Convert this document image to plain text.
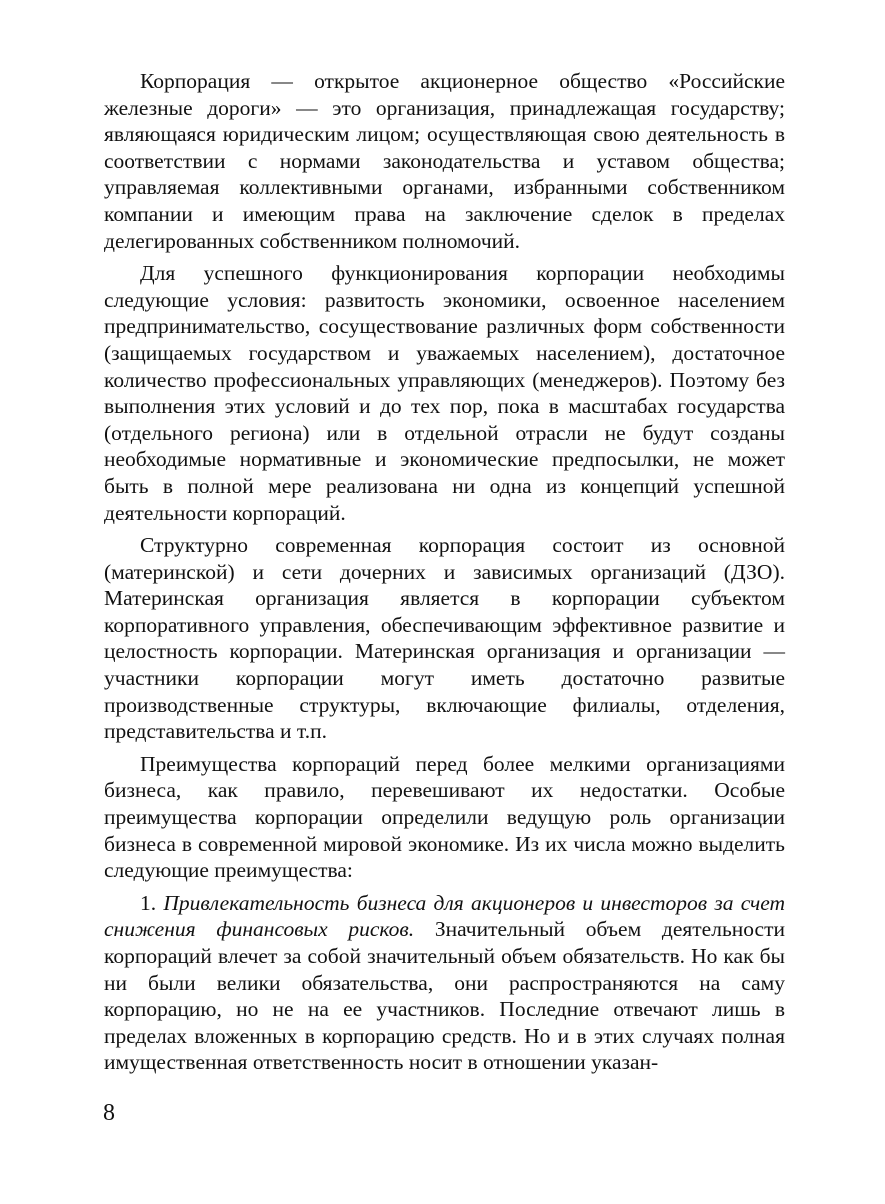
Корпорация — открытое акционерное общество «Российские железные дороги» — это организация, принадлежащая государству; являющаяся юридическим лицом; осуществляющая свою деятельность в соответствии с нормами законодательства и уставом общества; управляемая коллективными органами, избранными собственником компании и имеющим права на заключение сделок в пределах делегированных собственником полномочий.

Для успешного функционирования корпорации необходимы следующие условия: развитость экономики, освоенное населением предпринимательство, сосуществование различных форм собственности (защищаемых государством и уважаемых населением), достаточное количество профессиональных управляющих (менеджеров). Поэтому без выполнения этих условий и до тех пор, пока в масштабах государства (отдельного региона) или в отдельной отрасли не будут созданы необходимые нормативные и экономические предпосылки, не может быть в полной мере реализована ни одна из концепций успешной деятельности корпораций.

Структурно современная корпорация состоит из основной (материнской) и сети дочерних и зависимых организаций (ДЗО). Материнская организация является в корпорации субъектом корпоративного управления, обеспечивающим эффективное развитие и целостность корпорации. Материнская организация и организации — участники корпорации могут иметь достаточно развитые производственные структуры, включающие филиалы, отделения, представительства и т.п.

Преимущества корпораций перед более мелкими организациями бизнеса, как правило, перевешивают их недостатки. Особые преимущества корпорации определили ведущую роль организации бизнеса в современной мировой экономике. Из их числа можно выделить следующие преимущества:

1. Привлекательность бизнеса для акционеров и инвесторов за счет снижения финансовых рисков. Значительный объем деятельности корпораций влечет за собой значительный объем обязательств. Но как бы ни были велики обязательства, они распространяются на саму корпорацию, но не на ее участников. Последние отвечают лишь в пределах вложенных в корпорацию средств. Но и в этих случаях полная имущественная ответственность носит в отношении указан-

8
